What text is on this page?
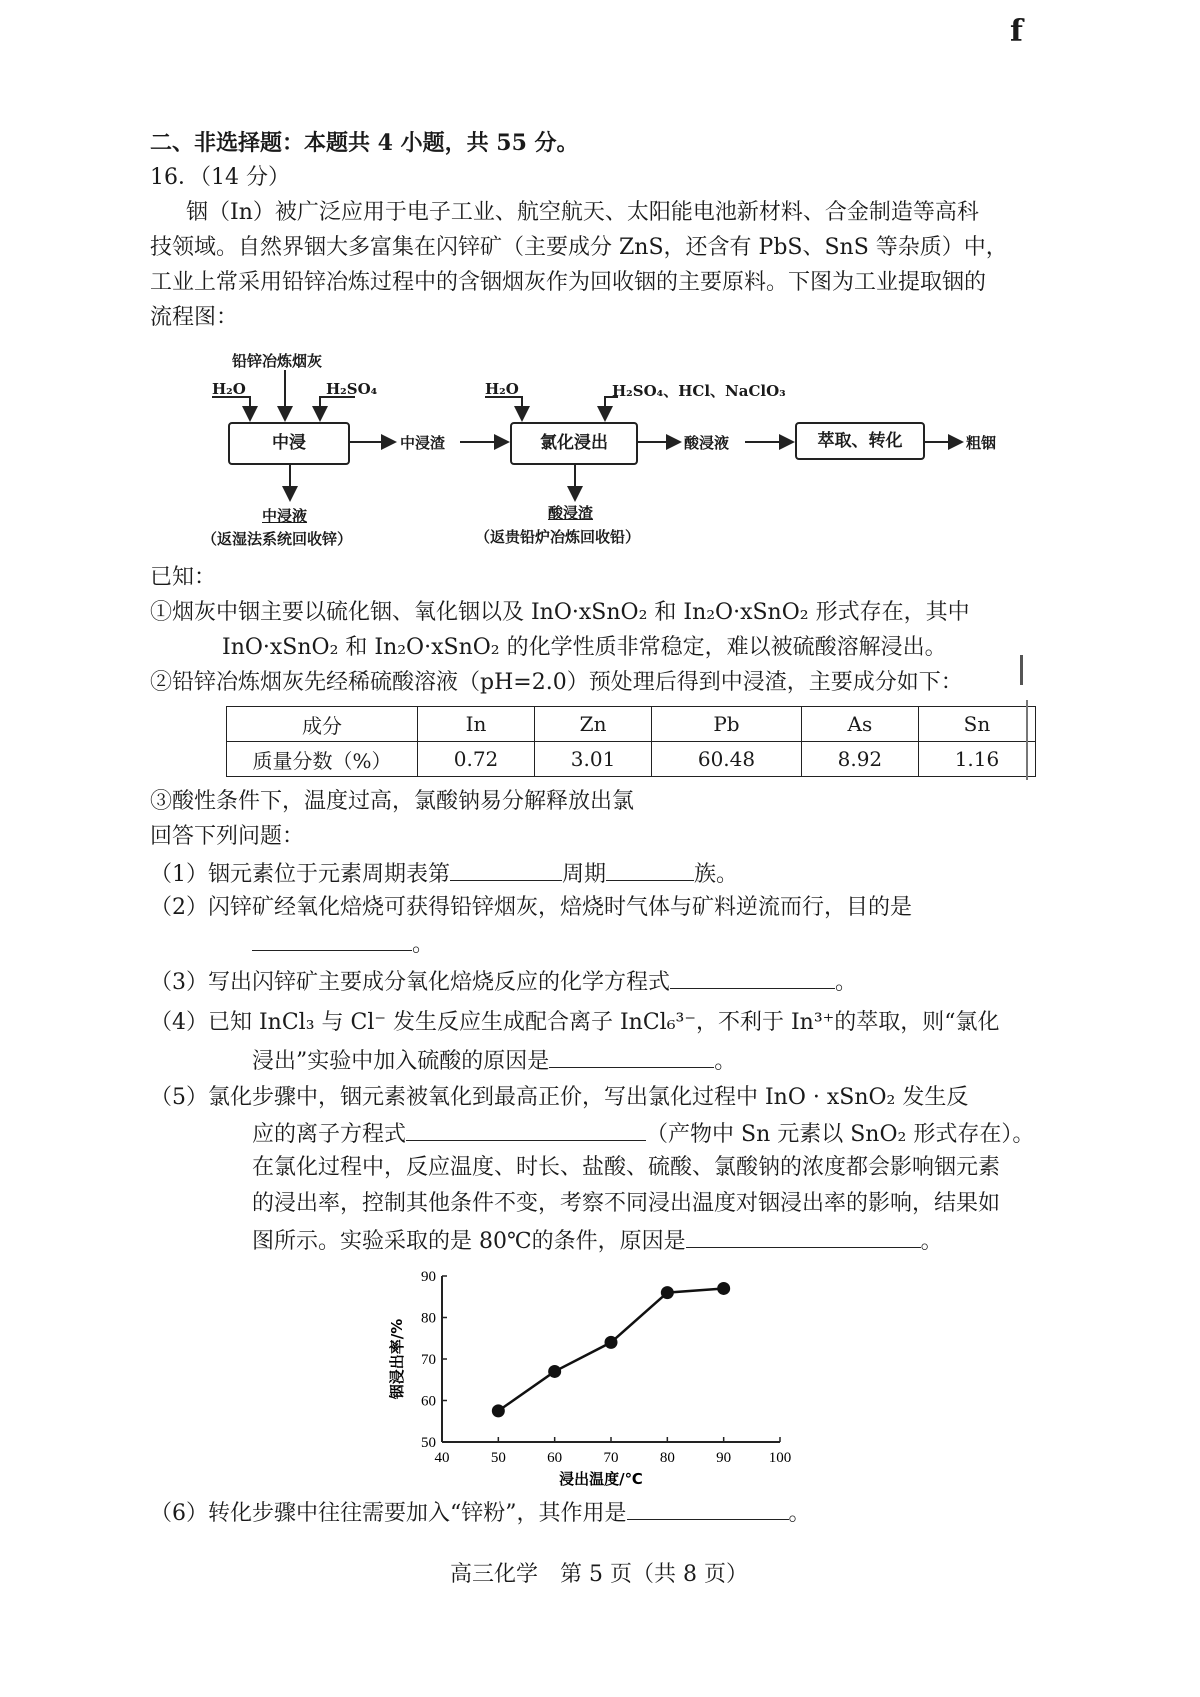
f
二、非选择题：本题共 4 小题，共 55 分。
16．（14 分）
铟（In）被广泛应用于电子工业、航空航天、太阳能电池新材料、合金制造等高科
技领域。自然界铟大多富集在闪锌矿（主要成分 ZnS，还含有 PbS、SnS 等杂质）中，
工业上常采用铅锌冶炼过程中的含铟烟灰作为回收铟的主要原料。下图为工业提取铟的
流程图：
铅锌冶炼烟灰
H₂O	H₂SO₄
中浸	中浸渣
H₂O	H₂SO₄、HCl、NaClO₃
氯化浸出	酸浸液	萃取、转化	粗铟
中浸液
（返湿法系统回收锌）
酸浸渣
（返贵铅炉冶炼回收铅）
已知：
①烟灰中铟主要以硫化铟、氧化铟以及 InO·xSnO₂ 和 In₂O·xSnO₂ 形式存在，其中
InO·xSnO₂ 和 In₂O·xSnO₂ 的化学性质非常稳定，难以被硫酸溶解浸出。
②铅锌冶炼烟灰先经稀硫酸溶液（pH=2.0）预处理后得到中浸渣，主要成分如下：
成分	In	Zn	Pb	As	Sn
质量分数（%）	0.72	3.01	60.48	8.92	1.16
③酸性条件下，温度过高，氯酸钠易分解释放出氯
回答下列问题：
（1）铟元素位于元素周期表第	周期	族。
（2）闪锌矿经氧化焙烧可获得铅锌烟灰，焙烧时气体与矿料逆流而行，目的是
。
（3）写出闪锌矿主要成分氧化焙烧反应的化学方程式	。
（4）已知 InCl₃ 与 Cl⁻ 发生反应生成配合离子 InCl₆³⁻，不利于 In³⁺的萃取，则“氯化
浸出”实验中加入硫酸的原因是	。
（5）氯化步骤中，铟元素被氧化到最高正价，写出氯化过程中 InO · xSnO₂ 发生反
应的离子方程式	（产物中 Sn 元素以 SnO₂ 形式存在）。
在氯化过程中，反应温度、时长、盐酸、硫酸、氯酸钠的浓度都会影响铟元素
的浸出率，控制其他条件不变，考察不同浸出温度对铟浸出率的影响，结果如
图所示。实验采取的是 80℃的条件，原因是	。
40	50	60	70	80	90	100
50
60
70
80
90
浸出温度/℃
铟浸出率/%
（6）转化步骤中往往需要加入“锌粉”，其作用是	。
高三化学　第 5 页（共 8 页）
